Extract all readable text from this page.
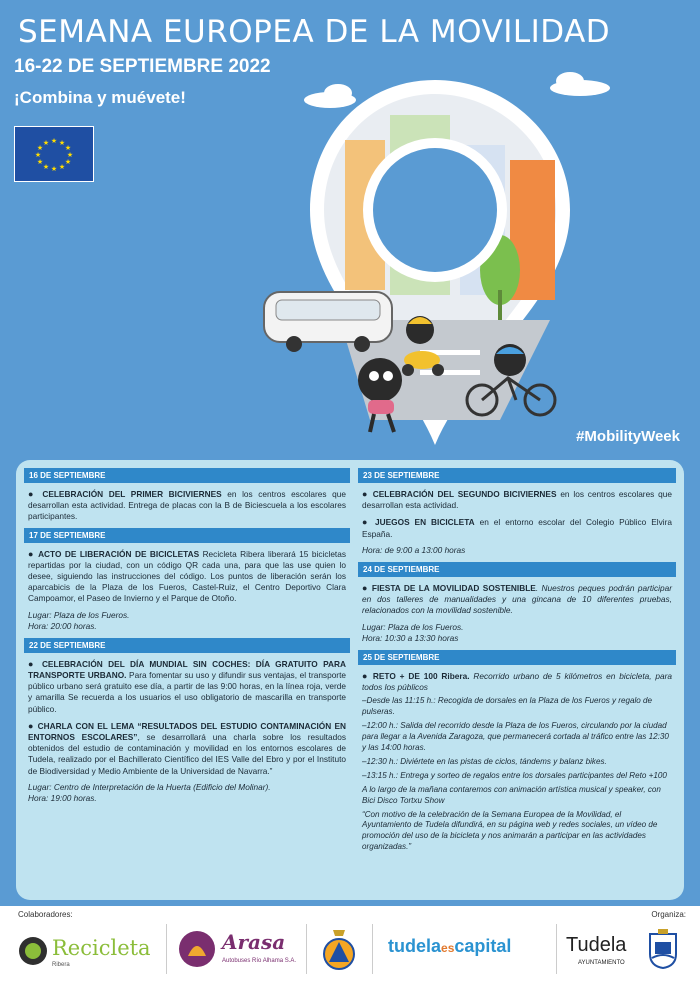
SEMANA EUROPEA DE LA MOVILIDAD
16-22 DE SEPTIEMBRE 2022
¡Combina y muévete!
★ ★
★
★
★
★
★
★
★
★
★
★
#MobilityWeek
16 DE SEPTIEMBRE
● CELEBRACIÓN DEL PRIMER BICIVIERNES en los centros escolares que desarrollan esta actividad. Entrega de placas con la B de Biciescuela a los escolares participantes.
17 DE SEPTIEMBRE
● ACTO DE LIBERACIÓN DE BICICLETAS Recicleta Ribera liberará 15 bicicletas repartidas por la ciudad, con un código QR cada una, para que las use quien lo desee, siguiendo las instrucciones del código. Los puntos de liberación serán los aparcabicis de la Plaza de los Fueros, Castel-Ruiz, el Centro Deportivo Clara Campoamor, el Paseo de Invierno y el Parque de Otoño.
Lugar: Plaza de los Fueros.
Hora: 20:00 horas.
22 DE SEPTIEMBRE
● CELEBRACIÓN DEL DÍA MUNDIAL SIN COCHES: DÍA GRATUITO PARA TRANSPORTE URBANO. Para fomentar su uso y difundir sus ventajas, el transporte público urbano será gratuito ese día, a partir de las 9:00 horas, en la línea roja, verde y amarilla Se recuerda a los usuarios el uso obligatorio de mascarilla en transporte público.
● CHARLA CON EL LEMA “RESULTADOS DEL ESTUDIO CONTAMINACIÓN EN ENTORNOS ESCOLARES”, se desarrollará una charla sobre los resultados obtenidos del estudio de contaminación y movilidad en los entornos escolares de Tudela, realizado por el Bachillerato Científico del IES Valle del Ebro y por el Instituto de Biodiversidad y Medio Ambiente de la Universidad de Navarra.”
Lugar: Centro de Interpretación de la Huerta (Edificio del Molinar).
Hora: 19:00 horas.
23 DE SEPTIEMBRE
● CELEBRACIÓN DEL SEGUNDO BICIVIERNES en los centros escolares que desarrollan esta actividad.
● JUEGOS EN BICICLETA en el entorno escolar del Colegio Público Elvira España.
Hora: de 9:00 a 13:00 horas
24 DE SEPTIEMBRE
● FIESTA DE LA MOVILIDAD SOSTENIBLE. Nuestros peques podrán participar en dos talleres de manualidades y una gincana de 10 diferentes pruebas, relacionados con la movilidad sostenible.
Lugar: Plaza de los Fueros.
Hora: 10:30 a 13:30 horas
25 DE SEPTIEMBRE
● RETO + DE 100 Ribera. Recorrido urbano de 5 kilómetros en bicicleta, para todos los públicos
–Desde las 11:15 h.: Recogida de dorsales en la Plaza de los Fueros y regalo de pulseras.
–12:00 h.: Salida del recorrido desde la Plaza de los Fueros, circulando por la ciudad para llegar a la Avenida Zaragoza, que permanecerá cortada al tráfico entre las 12:30 y las 14:00 horas.
–12:30 h.: Diviértete en las pistas de ciclos, tándems y balanz bikes.
–13:15 h.: Entrega y sorteo de regalos entre los dorsales participantes del Reto +100
A lo largo de la mañana contaremos con animación artística musical y speaker, con Bici Disco Tortxu Show
“Con motivo de la celebración de la Semana Europea de la Movilidad, el Ayuntamiento de Tudela difundirá, en su página web y redes sociales, un vídeo de promoción del uso de la bicicleta y nos animarán a participar en las actividades organizadas.”
Colaboradores:	Organiza:
Recicleta
Ribera
Arasa
Autobuses Río Alhama S.A.
tudelaescapital	Tudela
AYUNTAMIENTO
